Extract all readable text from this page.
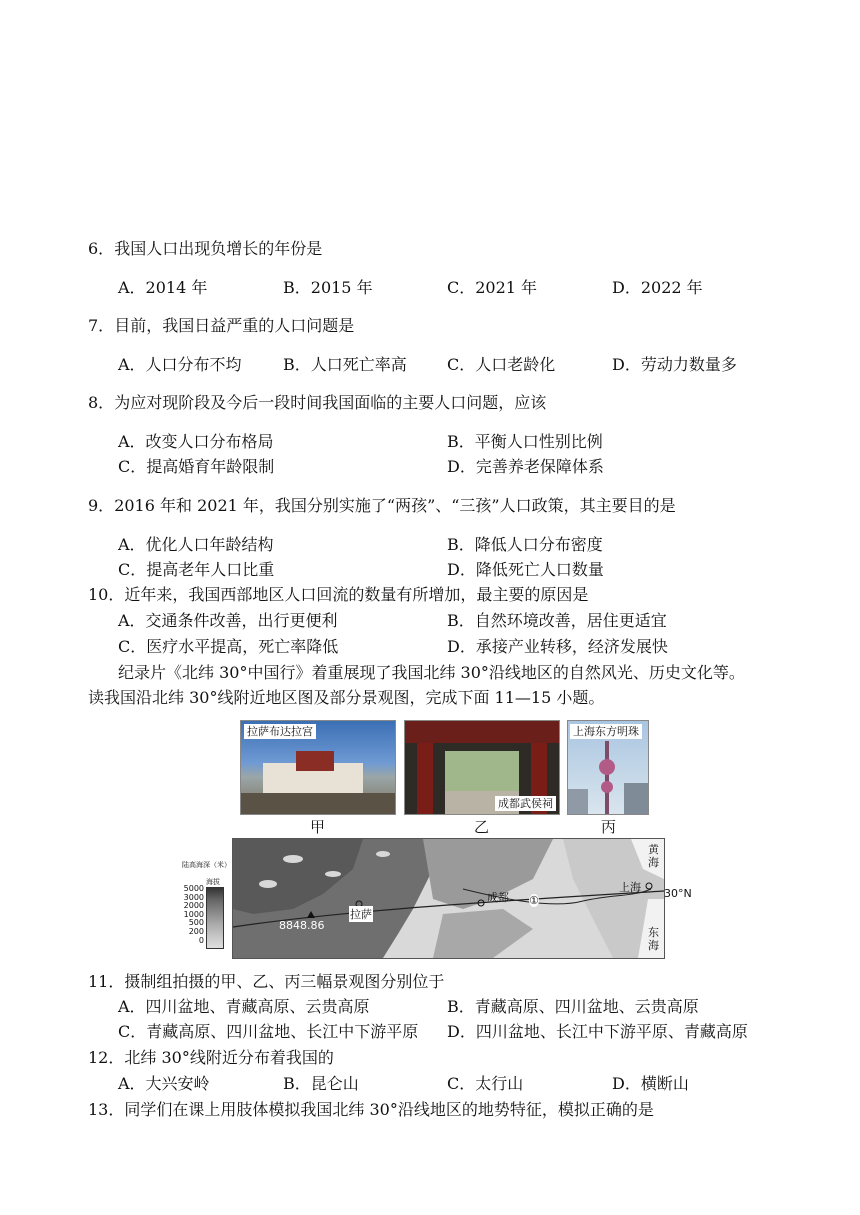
6．我国人口出现负增长的年份是
A．2014 年	B．2015 年	C．2021 年	D．2022 年
7．目前，我国日益严重的人口问题是
A．人口分布不均	B．人口死亡率高	C．人口老龄化	D．劳动力数量多
8．为应对现阶段及今后一段时间我国面临的主要人口问题，应该
A．改变人口分布格局	B．平衡人口性别比例
C．提高婚育年龄限制	D．完善养老保障体系
9．2016 年和 2021 年，我国分别实施了“两孩”、“三孩”人口政策，其主要目的是
A．优化人口年龄结构	B．降低人口分布密度
C．提高老年人口比重	D．降低死亡人口数量
10．近年来，我国西部地区人口回流的数量有所增加，最主要的原因是
A．交通条件改善，出行更便利	B．自然环境改善，居住更适宜
C．医疗水平提高，死亡率降低	D．承接产业转移，经济发展快
纪录片《北纬 30°中国行》着重展现了我国北纬 30°沿线地区的自然风光、历史文化等。
读我国沿北纬 30°线附近地区图及部分景观图，完成下面 11—15 小题。
拉萨布达拉宫
成都武侯祠
上海东方明珠
甲	乙	丙
8848.86
拉萨
成都 ①
上海
黄海
东海
30°N
陆高海深（米）
海拔
5000
3000
2000
1000
500
200
0
11．摄制组拍摄的甲、乙、丙三幅景观图分别位于
A．四川盆地、青藏高原、云贵高原	B．青藏高原、四川盆地、云贵高原
C．青藏高原、四川盆地、长江中下游平原 D．四川盆地、长江中下游平原、青藏高原
12．北纬 30°线附近分布着我国的
A．大兴安岭	B．昆仑山	C．太行山	D．横断山
13．同学们在课上用肢体模拟我国北纬 30°沿线地区的地势特征，模拟正确的是
